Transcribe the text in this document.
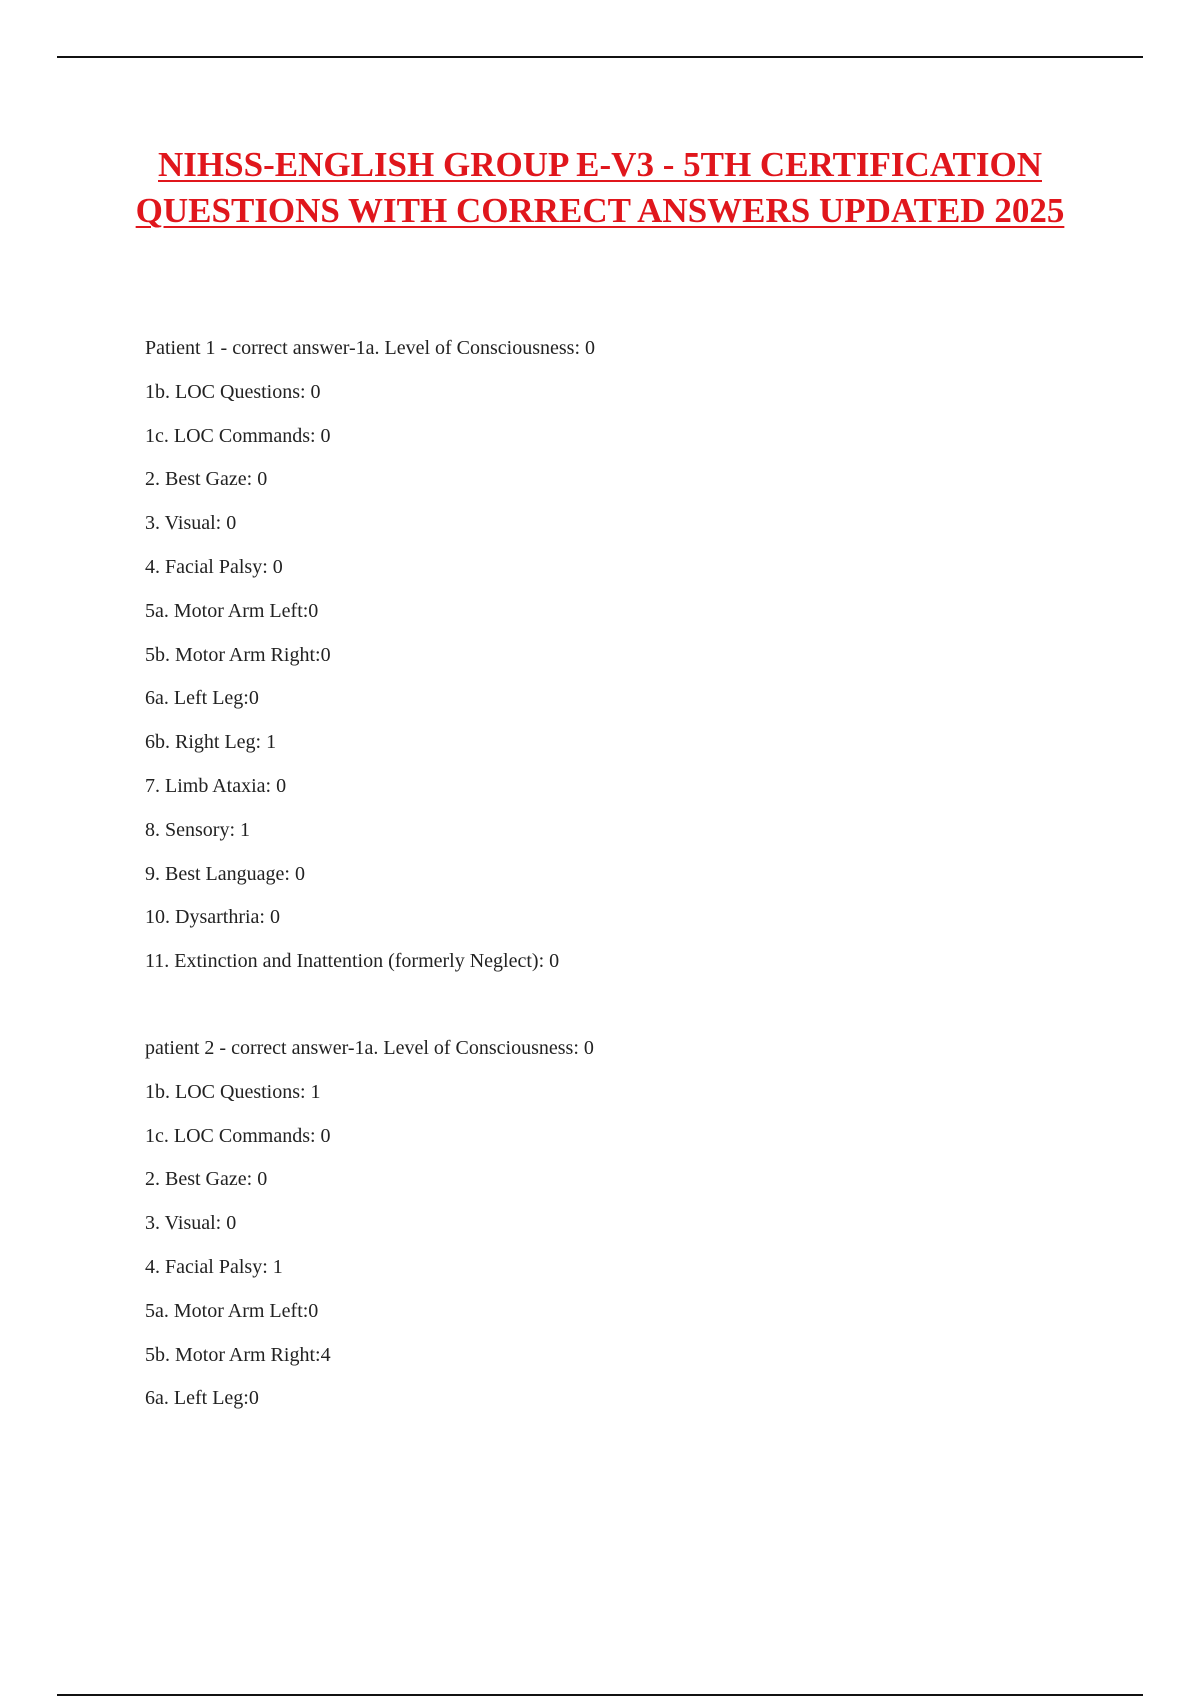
NIHSS-ENGLISH GROUP E-V3 - 5TH CERTIFICATION QUESTIONS WITH CORRECT ANSWERS UPDATED 2025
Patient 1 - correct answer-1a. Level of Consciousness: 0
1b. LOC Questions: 0
1c. LOC Commands: 0
2. Best Gaze: 0
3. Visual: 0
4. Facial Palsy: 0
5a. Motor Arm Left:0
5b. Motor Arm Right:0
6a. Left Leg:0
6b. Right Leg: 1
7. Limb Ataxia: 0
8. Sensory: 1
9. Best Language: 0
10. Dysarthria: 0
11. Extinction and Inattention (formerly Neglect): 0
patient 2 - correct answer-1a. Level of Consciousness: 0
1b. LOC Questions: 1
1c. LOC Commands: 0
2. Best Gaze: 0
3. Visual: 0
4. Facial Palsy: 1
5a. Motor Arm Left:0
5b. Motor Arm Right:4
6a. Left Leg:0
